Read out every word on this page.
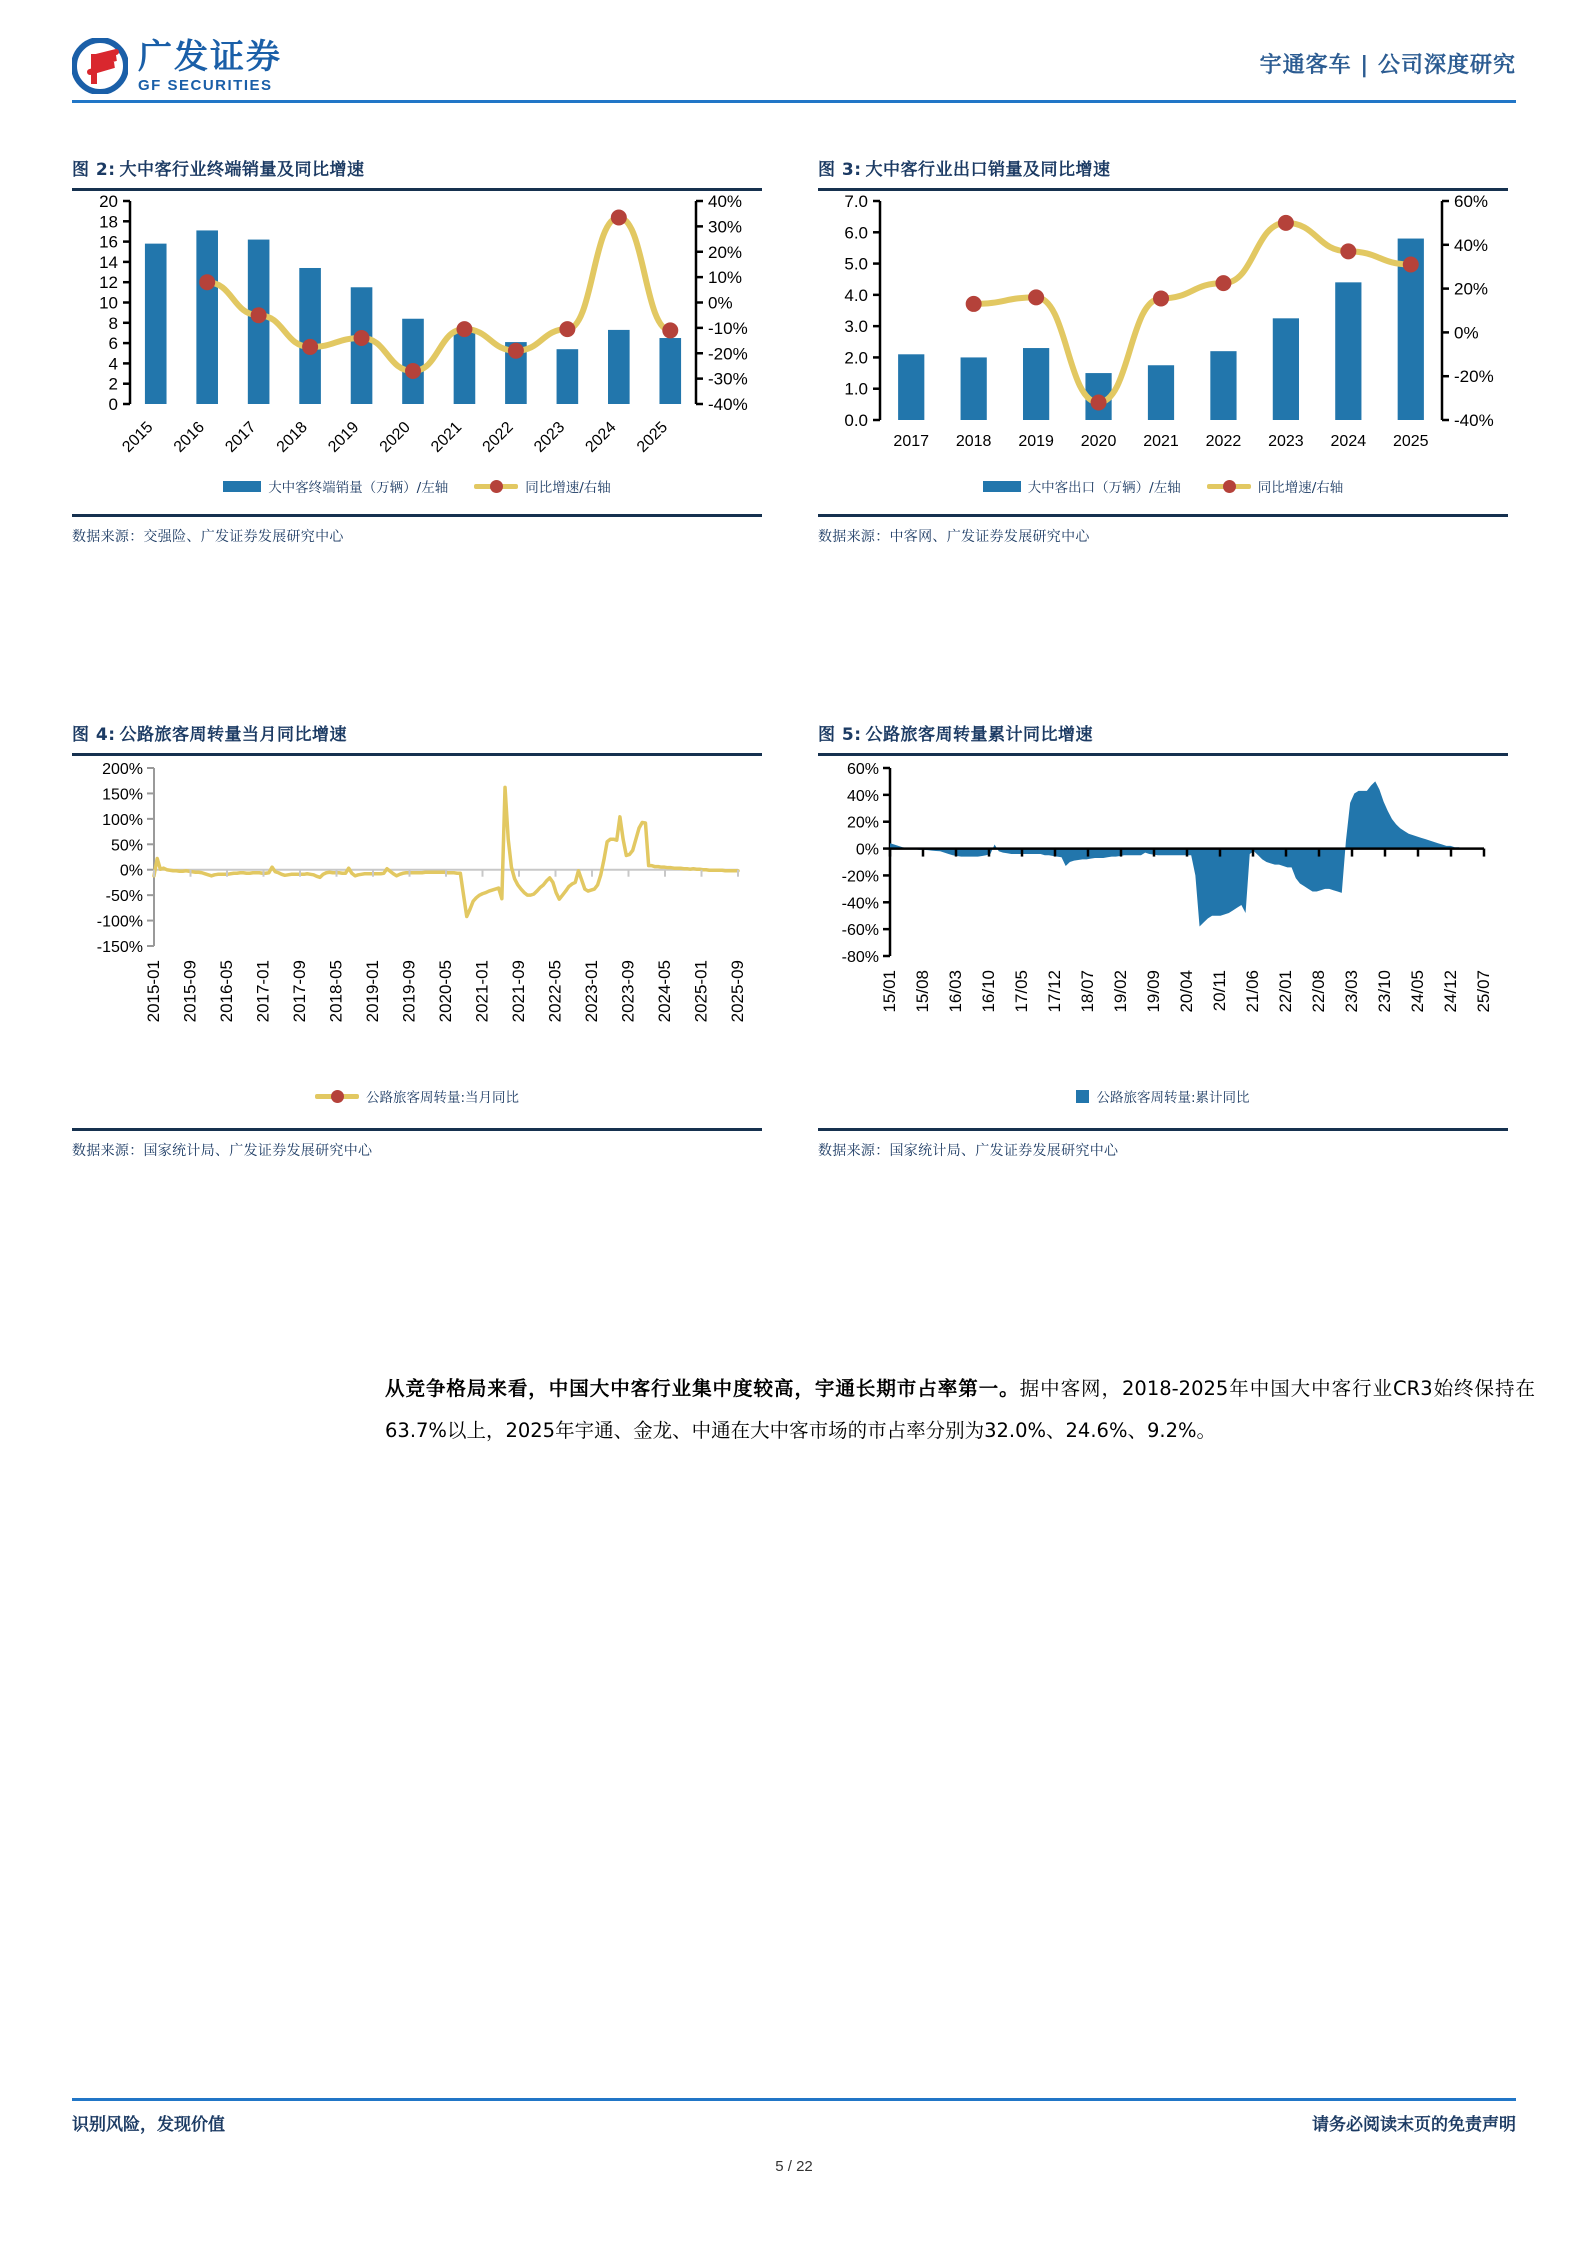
广发证券
GF SECURITIES
宇通客车 | 公司深度研究
图 2: 大中客行业终端销量及同比增速
0
2
4
6
8
10
12
14
16
18
20
-40%
-30%
-20%
-10%
0%
10%
20%
30%
40%
2015 2016 2017 2018 2019 2020 2021 2022 2023 2024 2025
大中客终端销量（万辆）/左轴	同比增速/右轴
数据来源：交强险、广发证券发展研究中心
图 3: 大中客行业出口销量及同比增速
0.0
1.0
2.0
3.0
4.0
5.0
6.0
7.0
-40%
-20%
0%
20%
40%
60%
2017 2018 2019 2020 2021 2022 2023 2024 2025
大中客出口（万辆）/左轴	同比增速/右轴
数据来源：中客网、广发证券发展研究中心
图 4: 公路旅客周转量当月同比增速
-150%
-100%
-50%
0%
50%
100%
150%
200%
2015-01 2015-09 2016-05 2017-01 2017-09 2018-05 2019-01 2019-09 2020-05 2021-01 2021-09 2022-05 2023-01 2023-09 2024-05 2025-01 2025-09
公路旅客周转量:当月同比
数据来源：国家统计局、广发证券发展研究中心
图 5: 公路旅客周转量累计同比增速
-80%
-60%
-40%
-20%
0%
20%
40%
60%
15/01 15/08 16/03 16/10 17/05 17/12 18/07 19/02 19/09 20/04 20/11 21/06 22/01 22/08 23/03 23/10 24/05 24/12 25/07
公路旅客周转量:累计同比
数据来源：国家统计局、广发证券发展研究中心
从竞争格局来看，中国大中客行业集中度较高，宇通长期市占率第一。据中客网，2018-2025年中国大中客行业CR3始终保持在63.7%以上，2025年宇通、金龙、中通在大中客市场的市占率分别为32.0%、24.6%、9.2%。
识别风险，发现价值	请务必阅读末页的免责声明
5 / 22
